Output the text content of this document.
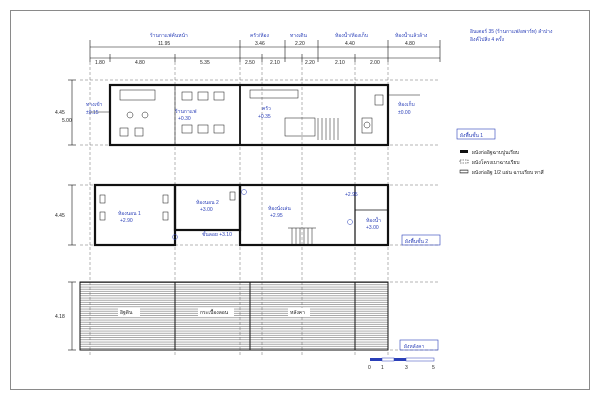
อินเตอร์ 35 (ร้านกาแฟ/อพาร์ท) ลำปาง
อิงค์ไปสิ่ง 4 ครั้ง
ร้านกาแฟค้นหน้า	ครัว/ห้อง	ทางเดิน	ห้องน้ำ/ห้องเก็บ	ห้องน้ำแล้วล้าง
11.95	3.46	2.20	4.40	4.80
1.80	4.80	5.35	2.50	2.10	2.20	2.10	2.00
4.45
5.00
4.45
4.18
ทางเข้า
±0.15	ร้านกาแฟ
+0.30
ครัว
+0.35
ห้องเก็บ
±0.00
ผังพื้นชั้น 1
ผนังก่ออิฐฉาบปูนเรียบ
ผนังโครงเบาฉาบเรียบ
ผนังก่ออิฐ 1/2 แผ่น ฉาบเรียบ ทาสี
ห้องนอน 1
+2.90
ห้องนอน 2
+3.00	ห้องนั่งเล่น
+2.95
ห้องน้ำ
+3.00
+2.95
ชั้นลอย +3.10
ผังพื้นชั้น 2
อิฐดิน	กระเบื้องลอน	หลังคา
ผังหลังคา
0 1	3	5
